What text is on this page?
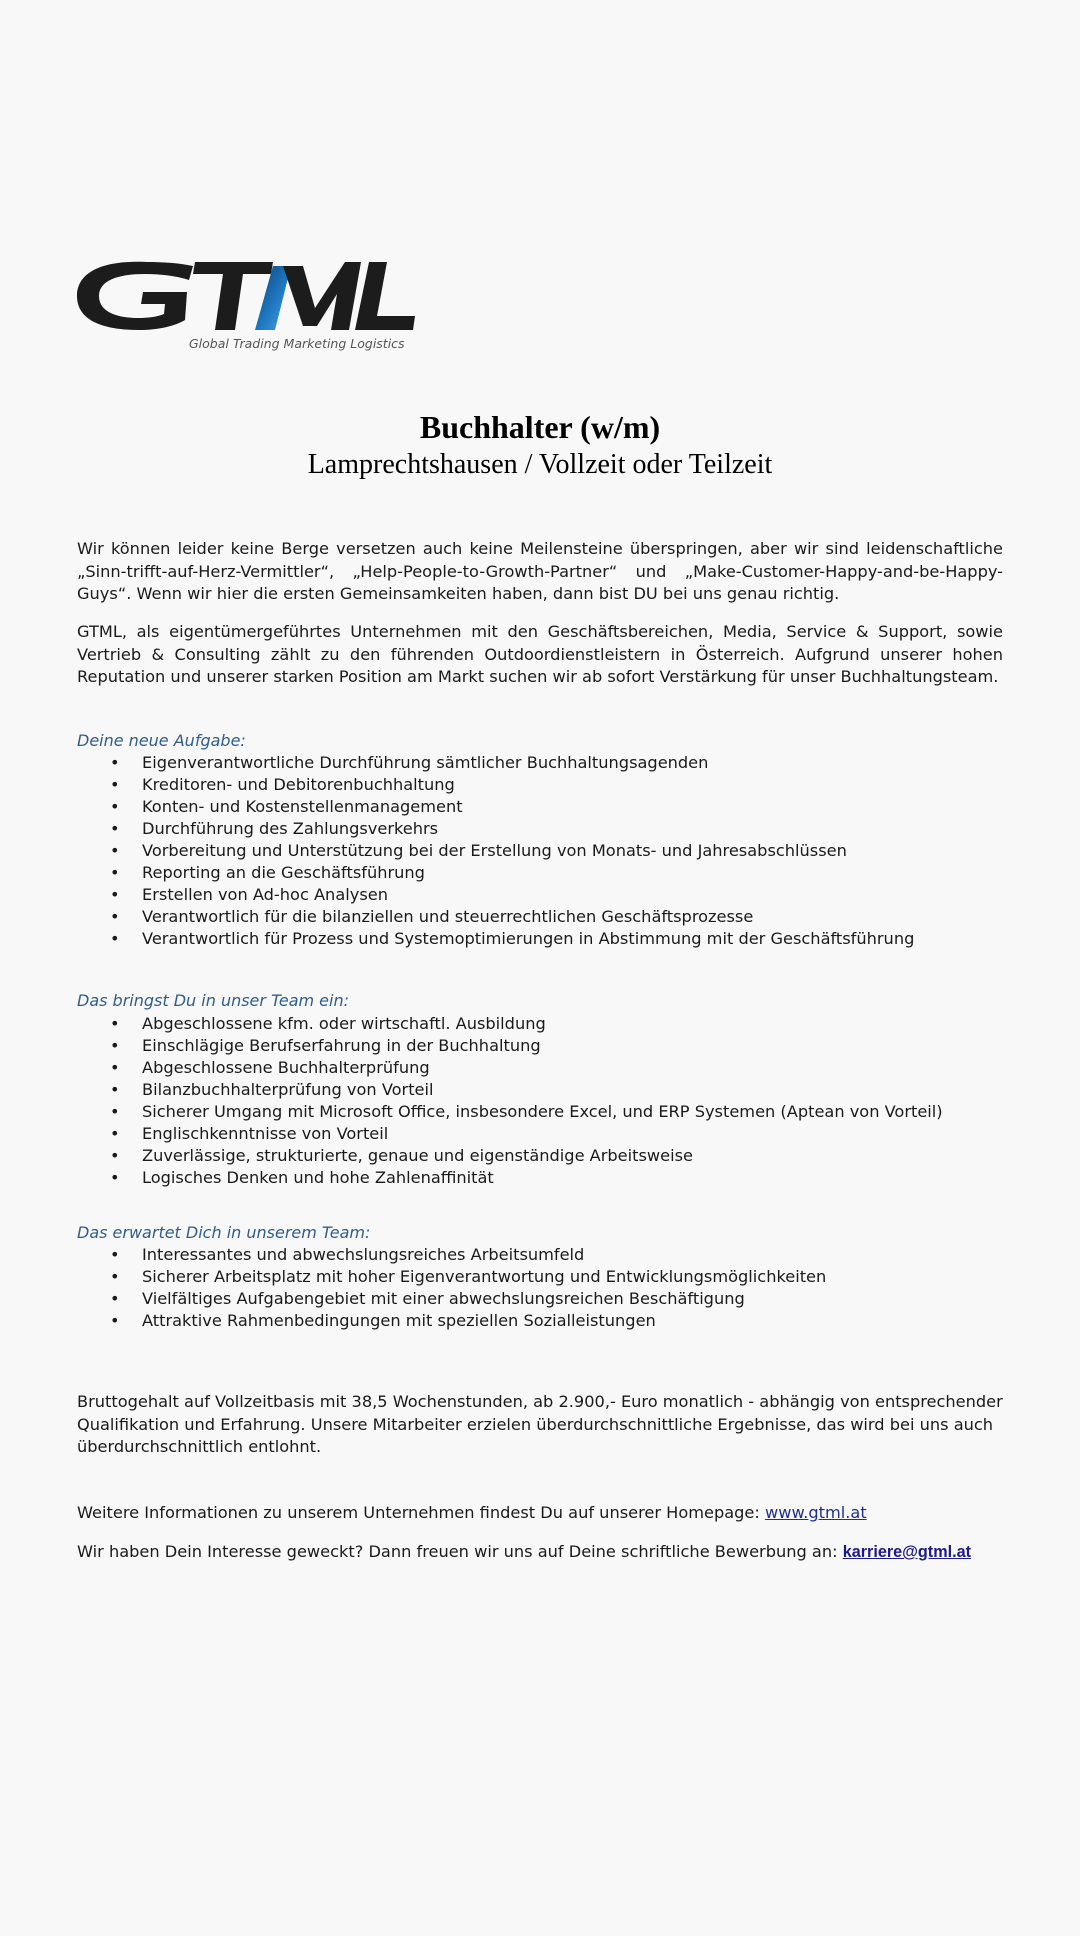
Global Trading Marketing Logistics
Buchhalter (w/m)
Lamprechtshausen / Vollzeit oder Teilzeit
Wir können leider keine Berge versetzen auch keine Meilensteine überspringen, aber wir sind leidenschaftliche „Sinn-trifft-auf-Herz-Vermittler“, „Help-People-to-Growth-Partner“ und „Make-Customer-Happy-and-be-Happy-Guys“. Wenn wir hier die ersten Gemeinsamkeiten haben, dann bist DU bei uns genau richtig.
GTML, als eigentümergeführtes Unternehmen mit den Geschäftsbereichen, Media, Service & Support, sowie Vertrieb & Consulting zählt zu den führenden Outdoordienstleistern in Österreich. Aufgrund unserer hohen Reputation und unserer starken Position am Markt suchen wir ab sofort Verstärkung für unser Buchhaltungsteam.
Deine neue Aufgabe:
• Eigenverantwortliche Durchführung sämtlicher Buchhaltungsagenden
• Kreditoren- und Debitorenbuchhaltung
• Konten- und Kostenstellenmanagement
• Durchführung des Zahlungsverkehrs
• Vorbereitung und Unterstützung bei der Erstellung von Monats- und Jahresabschlüssen
• Reporting an die Geschäftsführung
• Erstellen von Ad-hoc Analysen
• Verantwortlich für die bilanziellen und steuerrechtlichen Geschäftsprozesse
• Verantwortlich für Prozess und Systemoptimierungen in Abstimmung mit der Geschäftsführung
Das bringst Du in unser Team ein:
• Abgeschlossene kfm. oder wirtschaftl. Ausbildung
• Einschlägige Berufserfahrung in der Buchhaltung
• Abgeschlossene Buchhalterprüfung
• Bilanzbuchhalterprüfung von Vorteil
• Sicherer Umgang mit Microsoft Office, insbesondere Excel, und ERP Systemen (Aptean von Vorteil)
• Englischkenntnisse von Vorteil
• Zuverlässige, strukturierte, genaue und eigenständige Arbeitsweise
• Logisches Denken und hohe Zahlenaffinität
Das erwartet Dich in unserem Team:
• Interessantes und abwechslungsreiches Arbeitsumfeld
• Sicherer Arbeitsplatz mit hoher Eigenverantwortung und Entwicklungsmöglichkeiten
• Vielfältiges Aufgabengebiet mit einer abwechslungsreichen Beschäftigung
• Attraktive Rahmenbedingungen mit speziellen Sozialleistungen
Bruttogehalt auf Vollzeitbasis mit 38,5 Wochenstunden, ab 2.900,- Euro monatlich - abhängig von entsprechender Qualifikation und Erfahrung. Unsere Mitarbeiter erzielen überdurchschnittliche Ergebnisse, das wird bei uns auch überdurchschnittlich entlohnt.
Weitere Informationen zu unserem Unternehmen findest Du auf unserer Homepage: www.gtml.at
Wir haben Dein Interesse geweckt? Dann freuen wir uns auf Deine schriftliche Bewerbung an: karriere@gtml.at
